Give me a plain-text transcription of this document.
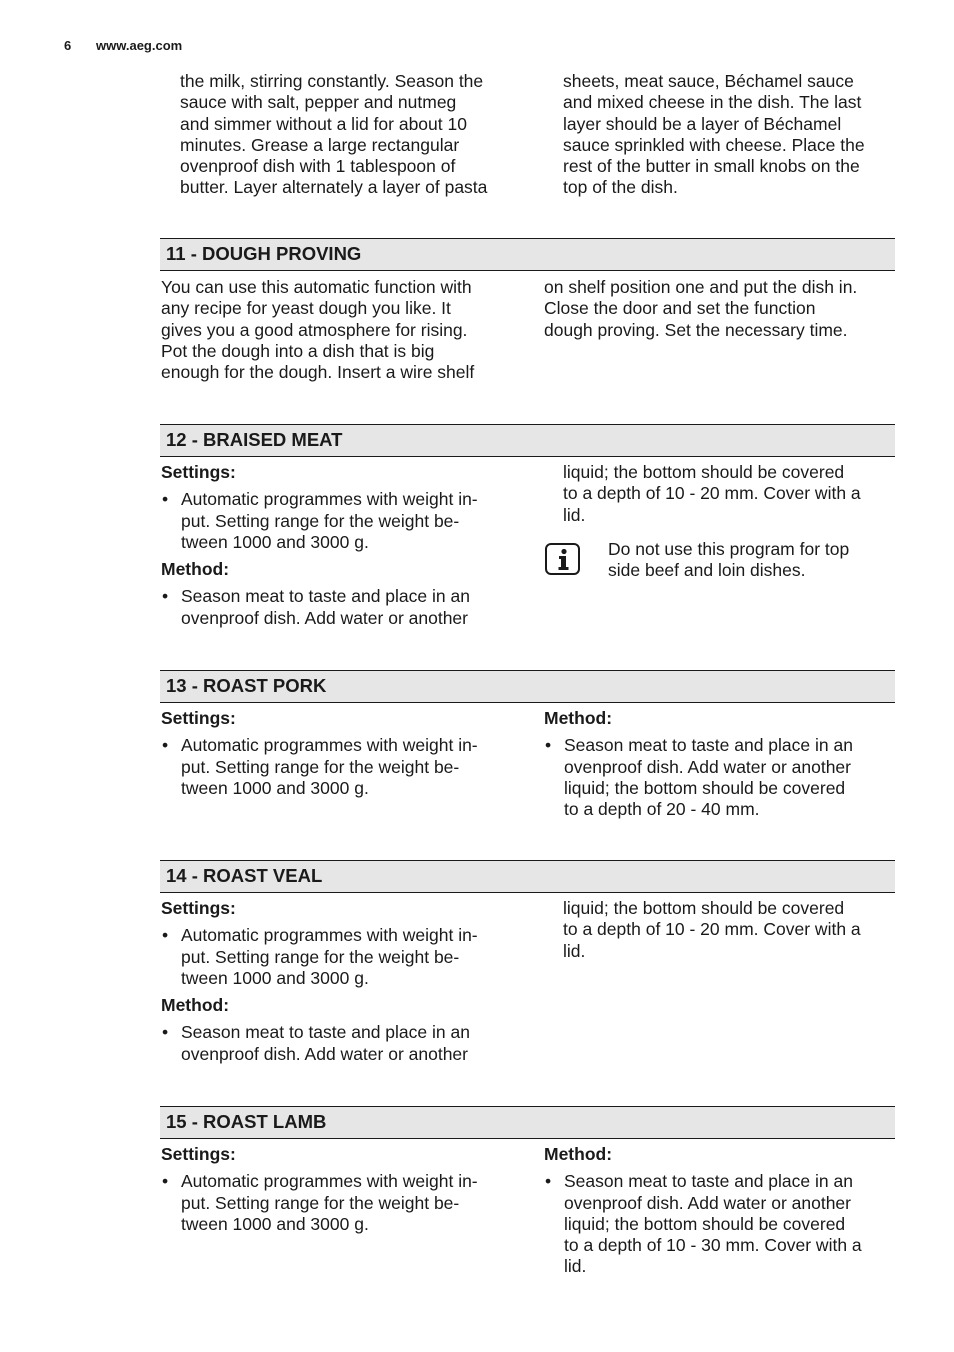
6 www.aeg.com
the milk, stirring constantly. Season the
sauce with salt, pepper and nutmeg
and simmer without a lid for about 10
minutes. Grease a large rectangular
ovenproof dish with 1 tablespoon of
butter. Layer alternately a layer of pasta
sheets, meat sauce, Béchamel sauce
and mixed cheese in the dish. The last
layer should be a layer of Béchamel
sauce sprinkled with cheese. Place the
rest of the butter in small knobs on the
top of the dish.
11 - DOUGH PROVING
You can use this automatic function with
any recipe for yeast dough you like. It
gives you a good atmosphere for rising.
Pot the dough into a dish that is big
enough for the dough. Insert a wire shelf
on shelf position one and put the dish in.
Close the door and set the function
dough proving. Set the necessary time.
12 - BRAISED MEAT

Settings:

• Automatic programmes with weight in-
put. Setting range for the weight be-
tween 1000 and 3000 g.

Method:

• Season meat to taste and place in an
ovenproof dish. Add water or another
liquid; the bottom should be covered
to a depth of 10 - 20 mm. Cover with a
lid.
Do not use this program for top
side beef and loin dishes.
13 - ROAST PORK

Settings:

• Automatic programmes with weight in-
put. Setting range for the weight be-
tween 1000 and 3000 g.

Method:

• Season meat to taste and place in an
ovenproof dish. Add water or another
liquid; the bottom should be covered
to a depth of 20 - 40 mm.
14 - ROAST VEAL

Settings:

• Automatic programmes with weight in-
put. Setting range for the weight be-
tween 1000 and 3000 g.

Method:

• Season meat to taste and place in an
ovenproof dish. Add water or another
liquid; the bottom should be covered
to a depth of 10 - 20 mm. Cover with a
lid.
15 - ROAST LAMB

Settings:

• Automatic programmes with weight in-
put. Setting range for the weight be-
tween 1000 and 3000 g.

Method:

• Season meat to taste and place in an
ovenproof dish. Add water or another
liquid; the bottom should be covered
to a depth of 10 - 30 mm. Cover with a
lid.
